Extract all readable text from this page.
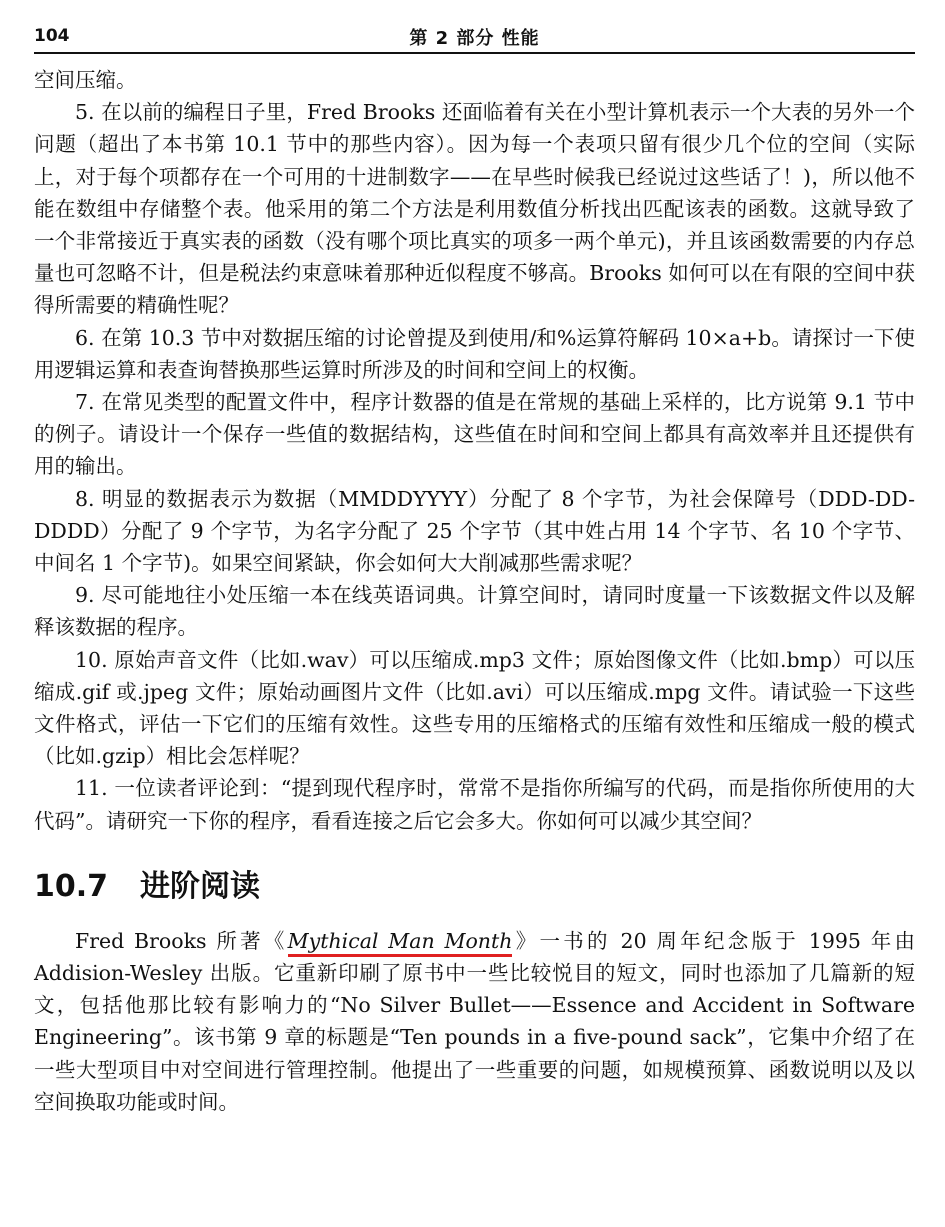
104	第 2 部分 性能

空间压缩。

5. 在以前的编程日子里，Fred Brooks 还面临着有关在小型计算机表示一个大表的另外一个问题（超出了本书第 10.1 节中的那些内容）。因为每一个表项只留有很少几个位的空间（实际上，对于每个项都存在一个可用的十进制数字——在早些时候我已经说过这些话了！)，所以他不能在数组中存储整个表。他采用的第二个方法是利用数值分析找出匹配该表的函数。这就导致了一个非常接近于真实表的函数（没有哪个项比真实的项多一两个单元)，并且该函数需要的内存总量也可忽略不计，但是税法约束意味着那种近似程度不够高。Brooks 如何可以在有限的空间中获得所需要的精确性呢？

6. 在第 10.3 节中对数据压缩的讨论曾提及到使用/和%运算符解码 10×a+b。请探讨一下使用逻辑运算和表查询替换那些运算时所涉及的时间和空间上的权衡。

7. 在常见类型的配置文件中，程序计数器的值是在常规的基础上采样的，比方说第 9.1 节中的例子。请设计一个保存一些值的数据结构，这些值在时间和空间上都具有高效率并且还提供有用的输出。

8. 明显的数据表示为数据（MMDDYYYY）分配了 8 个字节，为社会保障号（DDD-DD-DDDD）分配了 9 个字节，为名字分配了 25 个字节（其中姓占用 14 个字节、名 10 个字节、中间名 1 个字节)。如果空间紧缺，你会如何大大削减那些需求呢？

9. 尽可能地往小处压缩一本在线英语词典。计算空间时，请同时度量一下该数据文件以及解释该数据的程序。

10. 原始声音文件（比如.wav）可以压缩成.mp3 文件；原始图像文件（比如.bmp）可以压缩成.gif 或.jpeg 文件；原始动画图片文件（比如.avi）可以压缩成.mpg 文件。请试验一下这些文件格式，评估一下它们的压缩有效性。这些专用的压缩格式的压缩有效性和压缩成一般的模式（比如.gzip）相比会怎样呢？

11. 一位读者评论到：“提到现代程序时，常常不是指你所编写的代码，而是指你所使用的大代码”。请研究一下你的程序，看看连接之后它会多大。你如何可以减少其空间？

10.7 进阶阅读

Fred Brooks 所著《Mythical Man Month》一书的 20 周年纪念版于 1995 年由 Addision-Wesley 出版。它重新印刷了原书中一些比较悦目的短文，同时也添加了几篇新的短文，包括他那比较有影响力的“No Silver Bullet——Essence and Accident in Software Engineering”。该书第 9 章的标题是“Ten pounds in a five-pound sack”，它集中介绍了在一些大型项目中对空间进行管理控制。他提出了一些重要的问题，如规模预算、函数说明以及以空间换取功能或时间。
